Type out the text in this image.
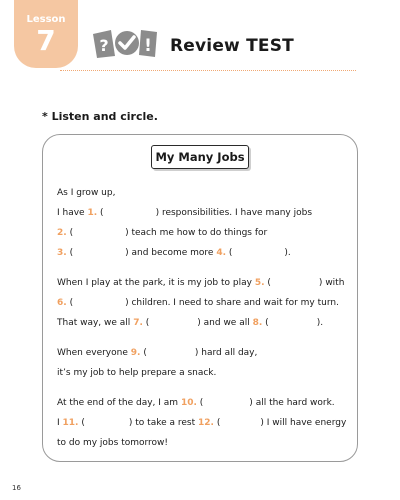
Lesson
7	? ! Review TEST
* Listen and circle.
My Many Jobs
As I grow up,
I have 1. (	) responsibilities. I have many jobs
2. (	) teach me how to do things for
3. (	) and become more 4. (	).
When I play at the park, it is my job to play 5. (	) with
6. (	) children. I need to share and wait for my turn.
That way, we all 7. (	) and we all 8. (	).
When everyone 9. (	) hard all day,
it’s my job to help prepare a snack.
At the end of the day, I am 10. (	) all the hard work.
I 11. (	) to take a rest 12. (	) I will have energy
to do my jobs tomorrow!
16
